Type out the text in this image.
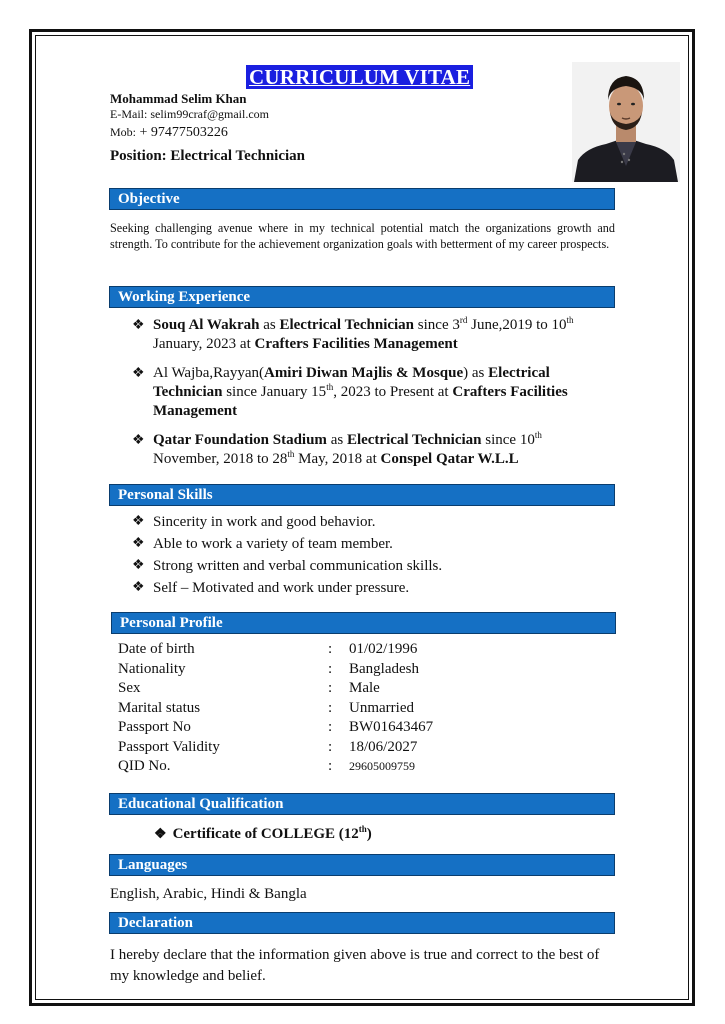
CURRICULUM VITAE
Mohammad Selim Khan
E-Mail: selim99craf@gmail.com
Mob: + 97477503226
Position: Electrical Technician
Objective
Seeking challenging avenue where in my technical potential match the organizations growth and strength. To contribute for the achievement organization goals with betterment of my career prospects.
Working Experience
❖ Souq Al Wakrah as Electrical Technician since 3rd June,2019 to 10th January, 2023 at Crafters Facilities Management
❖ Al Wajba,Rayyan(Amiri Diwan Majlis & Mosque) as Electrical Technician since January 15th, 2023 to Present at Crafters Facilities Management
❖ Qatar Foundation Stadium as Electrical Technician since 10th November, 2018 to 28th May, 2018 at Conspel Qatar W.L.L
Personal Skills
❖ Sincerity in work and good behavior.
❖ Able to work a variety of team member.
❖ Strong written and verbal communication skills.
❖ Self – Motivated and work under pressure.
Personal Profile
Date of birth	: 01/02/1996
Nationality	: Bangladesh
Sex	: Male
Marital status	: Unmarried
Passport No	: BW01643467
Passport Validity	: 18/06/2027
QID No.	: 29605009759
Educational Qualification
❖ Certificate of COLLEGE (12th)
Languages
English, Arabic, Hindi & Bangla
Declaration
I hereby declare that the information given above is true and correct to the best of my knowledge and belief.
